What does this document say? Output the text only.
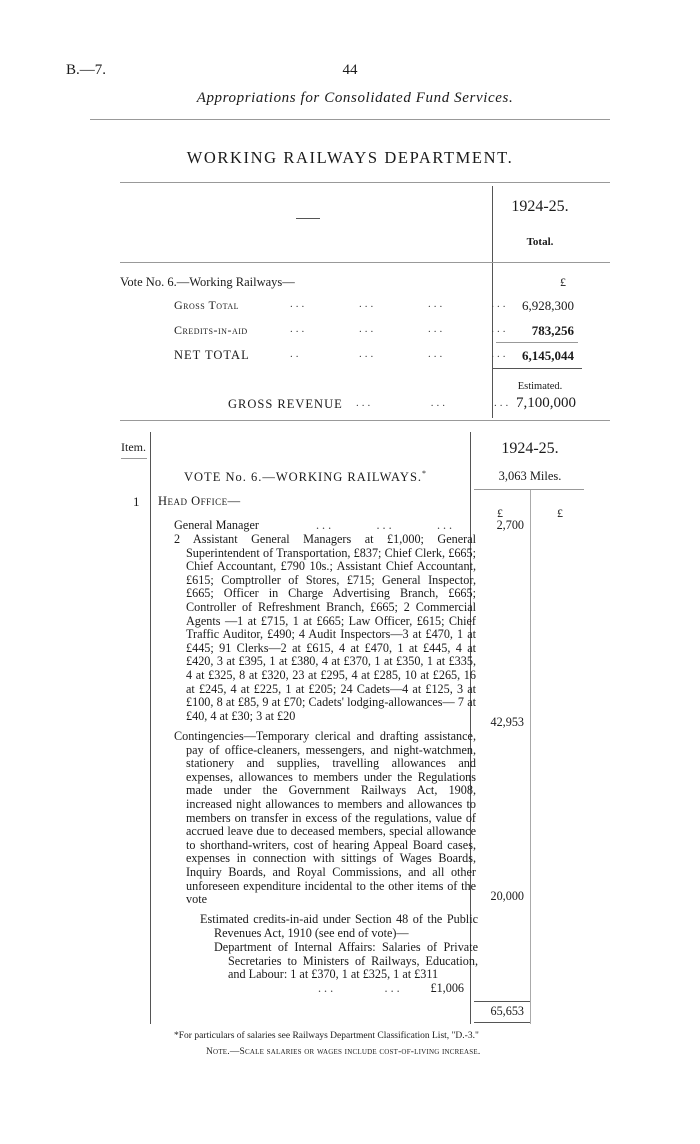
B.—7.	44
Appropriations for Consolidated Fund Services.
WORKING RAILWAYS DEPARTMENT.
1924-25.
Total.
Vote No. 6.—Working Railways—	£
Gross Total	...         ...         ...        ...	6,928,300
Credits-in-aid	...         ...         ...        ...	783,256
NET TOTAL	..          ...         ...        ...	6,145,044
Estimated.
GROSS REVENUE ...          ...        ... 7,100,000
Item.	1924-25.
3,063 Miles.
VOTE No. 6.—WORKING RAILWAYS.*
1 Head Office—
£	£
General Manager	...       ...       ...	2,700
2 Assistant General Managers at £1,000; General Superintendent of Transportation, £837; Chief Clerk, £665; Chief Accountant, £790 10s.; Assistant Chief Accountant, £615; Comptroller of Stores, £715; General Inspector, £665; Officer in Charge Advertising Branch, £665; Controller of Refreshment Branch, £665; 2 Commercial Agents —1 at £715, 1 at £665; Law Officer, £615; Chief Traffic Auditor, £490; 4 Audit Inspectors—3 at £470, 1 at £445; 91 Clerks—2 at £615, 4 at £470, 1 at £445, 4 at £420, 3 at £395, 1 at £380, 4 at £370, 1 at £350, 1 at £335, 4 at £325, 8 at £320, 23 at £295, 4 at £285, 10 at £265, 16 at £245, 4 at £225, 1 at £205; 24 Cadets—4 at £125, 3 at £100, 8 at £85, 9 at £70; Cadets' lodging-allowances— 7 at £40, 4 at £30; 3 at £20	42,953
Contingencies—Temporary clerical and drafting assistance, pay of office-cleaners, messengers, and night-watchmen, stationery and supplies, travelling allowances and expenses, allowances to members under the Regulations made under the Government Railways Act, 1908, increased night allowances to members and allowances to members on transfer in excess of the regulations, value of accrued leave due to deceased members, special allowance to shorthand-writers, cost of hearing Appeal Board cases, expenses in connection with sittings of Wages Boards, Inquiry Boards, and Royal Commissions, and all other unforeseen expenditure incidental to the other items of the vote	20,000
Estimated credits-in-aid under Section 48 of the Public Revenues Act, 1910 (see end of vote)—
Department of Internal Affairs: Salaries of Private Secretaries to Ministers of Railways, Education, and Labour: 1 at £370, 1 at £325, 1 at £311
...        ...	£1,006
65,653
*For particulars of salaries see Railways Department Classification List, "D.-3."
Note.—Scale salaries or wages include cost-of-living increase.
